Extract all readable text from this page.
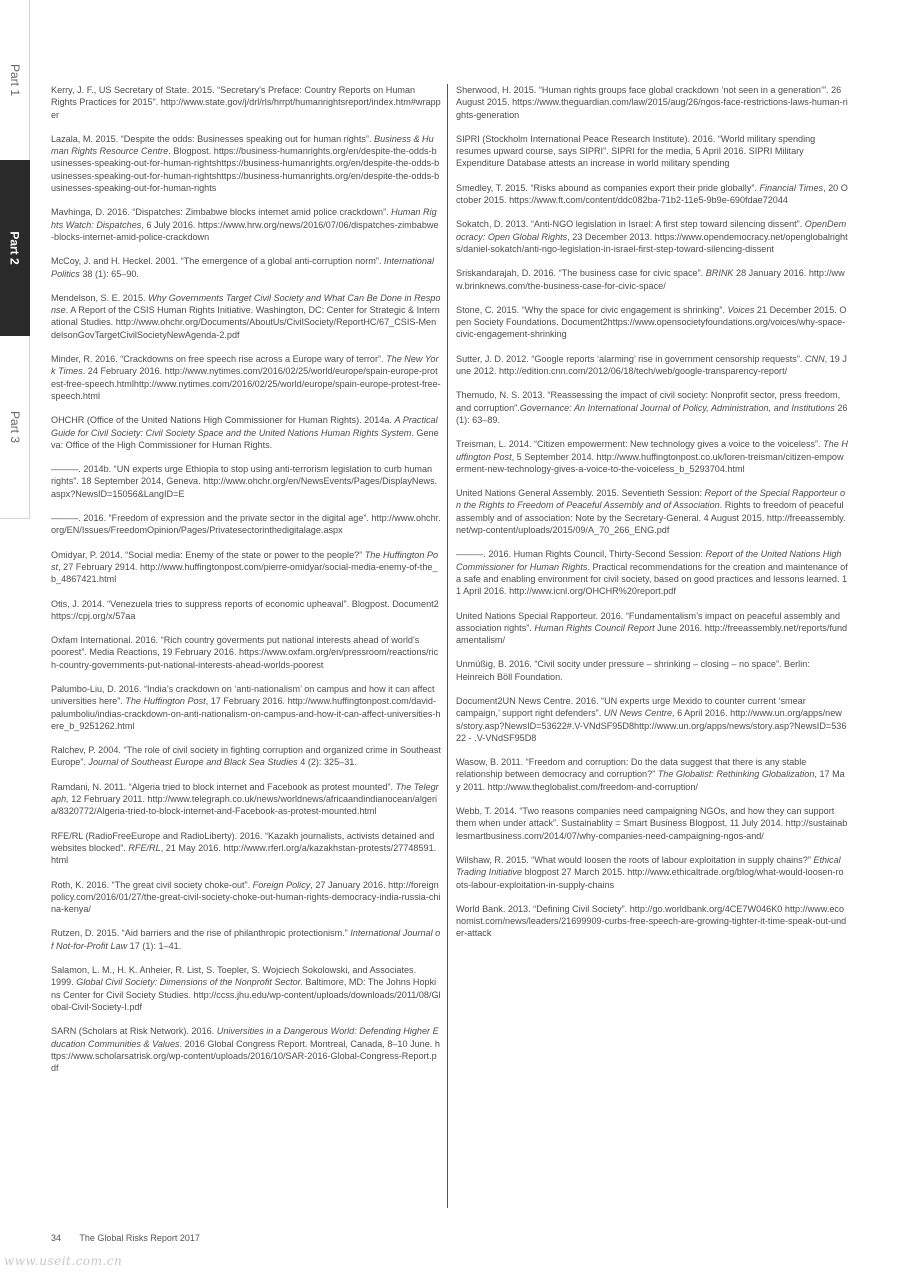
Part 1
Part 2
Part 3

Kerry, J. F., US Secretary of State. 2015. “Secretary’s Preface: Country Reports on Human Rights Practices for 2015”. http://www.state.gov/j/drl/rls/hrrpt/humanrightsreport/index.htm#wrapper

Lazala, M. 2015. “Despite the odds: Businesses speaking out for human rights”. Business & Human Rights Resource Centre. Blogpost. https://business-humanrights.org/en/despite-the-odds-businesses-speaking-out-for-human-rightshttps://business-humanrights.org/en/despite-the-odds-businesses-speaking-out-for-human-rightshttps://business-humanrights.org/en/despite-the-odds-businesses-speaking-out-for-human-rights

Mavhinga, D. 2016. “Dispatches: Zimbabwe blocks internet amid police crackdown”. Human Rights Watch: Dispatches, 6 July 2016. https://www.hrw.org/news/2016/07/06/dispatches-zimbabwe-blocks-internet-amid-police-crackdown

McCoy, J. and H. Heckel. 2001. “The emergence of a global anti-corruption norm”. International Politics 38 (1): 65–90.

Mendelson, S. E. 2015. Why Governments Target Civil Society and What Can Be Done in Response. A Report of the CSIS Human Rights Initiative. Washington, DC: Center for Strategic & International Studies. http://www.ohchr.org/Documents/AboutUs/CivilSociety/ReportHC/67_CSIS-MendelsonGovTargetCivilSocietyNewAgenda-2.pdf

Minder, R. 2016. “Crackdowns on free speech rise across a Europe wary of terror”. The New York Times. 24 February 2016. http://www.nytimes.com/2016/02/25/world/europe/spain-europe-protest-free-speech.htmlhttp://www.nytimes.com/2016/02/25/world/europe/spain-europe-protest-free-speech.html

OHCHR (Office of the United Nations High Commissioner for Human Rights). 2014a. A Practical Guide for Civil Society: Civil Society Space and the United Nations Human Rights System. Geneva: Office of the High Commissioner for Human Rights.

———. 2014b. “UN experts urge Ethiopia to stop using anti-terrorism legislation to curb human rights”. 18 September 2014, Geneva. http://www.ohchr.org/en/NewsEvents/Pages/DisplayNews.aspx?NewsID=15056&LangID=E

———. 2016. “Freedom of expression and the private sector in the digital age”. http://www.ohchr.org/EN/Issues/FreedomOpinion/Pages/Privatesectorinthedigitalage.aspx

Omidyar, P. 2014. “Social media: Enemy of the state or power to the people?” The Huffington Post, 27 February 2914. http://www.huffingtonpost.com/pierre-omidyar/social-media-enemy-of-the_b_4867421.html

Otis, J. 2014. “Venezuela tries to suppress reports of economic upheaval”. Blogpost. Document2https://cpj.org/x/57aa

Oxfam International. 2016. “Rich country goverments put national interests ahead of world’s poorest”. Media Reactions, 19 February 2016. https://www.oxfam.org/en/pressroom/reactions/rich-country-governments-put-national-interests-ahead-worlds-poorest

Palumbo-Liu, D. 2016. “India’s crackdown on ‘anti-nationalism’ on campus and how it can affect universities here”. The Huffington Post, 17 February 2016. http://www.huffingtonpost.com/david-palumboliu/indias-crackdown-on-anti-nationalism-on-campus-and-how-it-can-affect-universities-here_b_9251262.html

Ralchev, P. 2004. “The role of civil society in fighting corruption and organized crime in Southeast Europe”. Journal of Southeast Europe and Black Sea Studies 4 (2): 325–31.

Ramdani, N. 2011. “Algeria tried to block internet and Facebook as protest mounted”. The Telegraph, 12 February 2011. http://www.telegraph.co.uk/news/worldnews/africaandindianocean/algeria/8320772/Algeria-tried-to-block-internet-and-Facebook-as-protest-mounted.html

RFE/RL (RadioFreeEurope and RadioLiberty). 2016. “Kazakh journalists, activists detained and websites blocked”. RFE/RL, 21 May 2016. http://www.rferl.org/a/kazakhstan-protests/27748591.html

Roth, K. 2016. “The great civil society choke-out”. Foreign Policy, 27 January 2016. http://foreignpolicy.com/2016/01/27/the-great-civil-society-choke-out-human-rights-democracy-india-russia-china-kenya/

Rutzen, D. 2015. “Aid barriers and the rise of philanthropic protectionism.” International Journal of Not-for-Profit Law 17 (1): 1–41.

Salamon, L. M., H. K. Anheier, R. List, S. Toepler, S. Wojciech Sokolowski, and Associates. 1999. Global Civil Society: Dimensions of the Nonprofit Sector. Baltimore, MD: The Johns Hopkins Center for Civil Society Studies. http://ccss.jhu.edu/wp-content/uploads/downloads/2011/08/Global-Civil-Society-I.pdf

SARN (Scholars at Risk Network). 2016. Universities in a Dangerous World: Defending Higher Education Communities & Values. 2016 Global Congress Report. Montreal, Canada, 8–10 June. https://www.scholarsatrisk.org/wp-content/uploads/2016/10/SAR-2016-Global-Congress-Report.pdf

Sherwood, H. 2015. “Human rights groups face global crackdown ‘not seen in a generation’”. 26 August 2015. https://www.theguardian.com/law/2015/aug/26/ngos-face-restrictions-laws-human-rights-generation

SIPRI (Stockholm International Peace Research Institute). 2016. “World military spending resumes upward course, says SIPRI”. SIPRI for the media, 5 April 2016. SIPRI Military Expenditure Database attests an increase in world military spending

Smedley, T. 2015. “Risks abound as companies export their pride globally”. Financial Times, 20 October 2015. https://www.ft.com/content/ddc082ba-71b2-11e5-9b9e-690fdae72044

Sokatch, D. 2013. “Anti-NGO legislation in Israel: A first step toward silencing dissent”. OpenDemocracy: Open Global Rights, 23 December 2013. https://www.opendemocracy.net/openglobalrights/daniel-sokatch/anti-ngo-legislation-in-israel-first-step-toward-silencing-dissent

Sriskandarajah, D. 2016. “The business case for civic space”. BRINK 28 January 2016. http://www.brinknews.com/the-business-case-for-civic-space/

Stone, C. 2015. “Why the space for civic engagement is shrinking”. Voices 21 December 2015. Open Society Foundations. Document2https://www.opensocietyfoundations.org/voices/why-space-civic-engagement-shrinking

Sutter, J. D. 2012. “Google reports ‘alarming’ rise in government censorship requests”. CNN, 19 June 2012. http://edition.cnn.com/2012/06/18/tech/web/google-transparency-report/

Themudo, N. S. 2013. “Reassessing the impact of civil society: Nonprofit sector, press freedom, and corruption”.Governance: An International Journal of Policy, Administration, and Institutions 26 (1): 63–89.

Treisman, L. 2014. “Citizen empowerment: New technology gives a voice to the voiceless”. The Huffington Post, 5 September 2014. http://www.huffingtonpost.co.uk/loren-treisman/citizen-empowerment-new-technology-gives-a-voice-to-the-voiceless_b_5293704.html

United Nations General Assembly. 2015. Seventieth Session: Report of the Special Rapporteur on the Rights to Freedom of Peaceful Assembly and of Association. Rights to freedom of peaceful assembly and of association: Note by the Secretary-General. 4 August 2015. http://freeassembly.net/wp-content/uploads/2015/09/A_70_266_ENG.pdf

———. 2016. Human Rights Council, Thirty-Second Session: Report of the United Nations High Commissioner for Human Rights. Practical recommendations for the creation and maintenance of a safe and enabling environment for civil society, based on good practices and lessons learned. 11 April 2016. http://www.icnl.org/OHCHR%20report.pdf

United Nations Special Rapporteur. 2016. “Fundamentalism’s impact on peaceful assembly and association rights”. Human Rights Council Report June 2016. http://freeassembly.net/reports/fundamentalism/

Unmüßig, B. 2016. “Civil socity under pressure – shrinking – closing – no space”. Berlin: Heinreich Böll Foundation.

Document2UN News Centre. 2016. “UN experts urge Mexido to counter current ‘smear campaign,’ support right defenders”. UN News Centre, 6 April 2016. http://www.un.org/apps/news/story.asp?NewsID=53622#.V-VNdSF95D8http://www.un.org/apps/news/story.asp?NewsID=53622 - .V-VNdSF95D8

Wasow, B. 2011. “Freedom and corruption: Do the data suggest that there is any stable relationship between democracy and corruption?” The Globalist: Rethinking Globalization, 17 May 2011. http://www.theglobalist.com/freedom-and-corruption/

Webb, T. 2014. “Two reasons companies need campaigning NGOs, and how they can support them when under attack”. Sustainablity = Smart Business Blogpost, 11 July 2014. http://sustainablesmartbusiness.com/2014/07/why-companies-need-campaigning-ngos-and/

Wilshaw, R. 2015. “What would loosen the roots of labour exploitation in supply chains?” Ethical Trading Initiative blogpost 27 March 2015. http://www.ethicaltrade.org/blog/what-would-loosen-roots-labour-exploitation-in-supply-chains

World Bank. 2013. “Defining Civil Society”. http://go.worldbank.org/4CE7W046K0 http://www.economist.com/news/leaders/21699909-curbs-free-speech-are-growing-tighter-it-time-speak-out-under-attack

34 The Global Risks Report 2017
www.useit.com.cn
